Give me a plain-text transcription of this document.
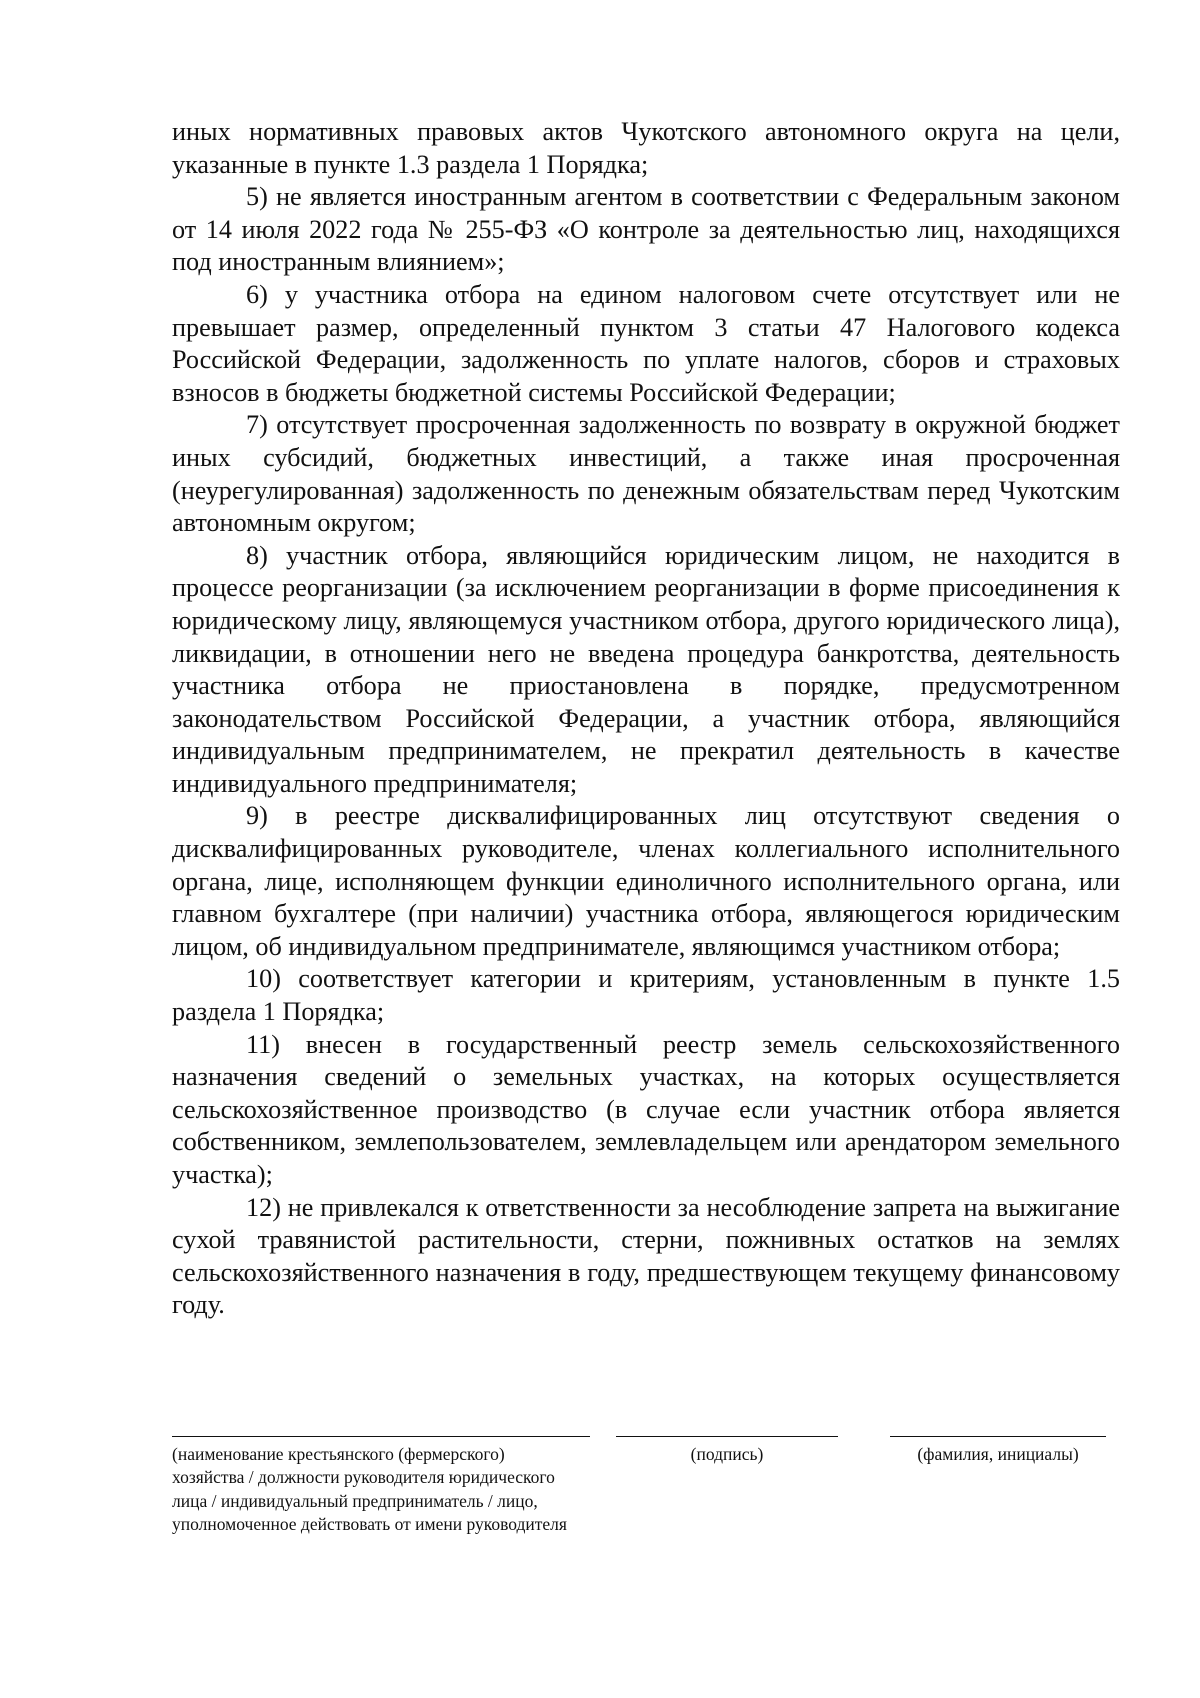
иных нормативных правовых актов Чукотского автономного округа на цели, указанные в пункте 1.3 раздела 1 Порядка;

5) не является иностранным агентом в соответствии с Федеральным законом от 14 июля 2022 года № 255-ФЗ «О контроле за деятельностью лиц, находящихся под иностранным влиянием»;

6) у участника отбора на едином налоговом счете отсутствует или не превышает размер, определенный пунктом 3 статьи 47 Налогового кодекса Российской Федерации, задолженность по уплате налогов, сборов и страховых взносов в бюджеты бюджетной системы Российской Федерации;

7) отсутствует просроченная задолженность по возврату в окружной бюджет иных субсидий, бюджетных инвестиций, а также иная просроченная (неурегулированная) задолженность по денежным обязательствам перед Чукотским автономным округом;

8) участник отбора, являющийся юридическим лицом, не находится в процессе реорганизации (за исключением реорганизации в форме присоединения к юридическому лицу, являющемуся участником отбора, другого юридического лица), ликвидации, в отношении него не введена процедура банкротства, деятельность участника отбора не приостановлена в порядке, предусмотренном законодательством Российской Федерации, а участник отбора, являющийся индивидуальным предпринимателем, не прекратил деятельность в качестве индивидуального предпринимателя;

9) в реестре дисквалифицированных лиц отсутствуют сведения о дисквалифицированных руководителе, членах коллегиального исполнительного органа, лице, исполняющем функции единоличного исполнительного органа, или главном бухгалтере (при наличии) участника отбора, являющегося юридическим лицом, об индивидуальном предпринимателе, являющимся участником отбора;

10) соответствует категории и критериям, установленным в пункте 1.5 раздела 1 Порядка;

11) внесен в государственный реестр земель сельскохозяйственного назначения сведений о земельных участках, на которых осуществляется сельскохозяйственное производство (в случае если участник отбора является собственником, землепользователем, землевладельцем или арендатором земельного участка);

12) не привлекался к ответственности за несоблюдение запрета на выжигание сухой травянистой растительности, стерни, пожнивных остатков на землях сельскохозяйственного назначения в году, предшествующем текущему финансовому году.

(наименование крестьянского (фермерского) хозяйства / должности руководителя юридического лица / индивидуальный предприниматель / лицо, уполномоченное действовать от имени руководителя
(подпись)	(фамилия, инициалы)
